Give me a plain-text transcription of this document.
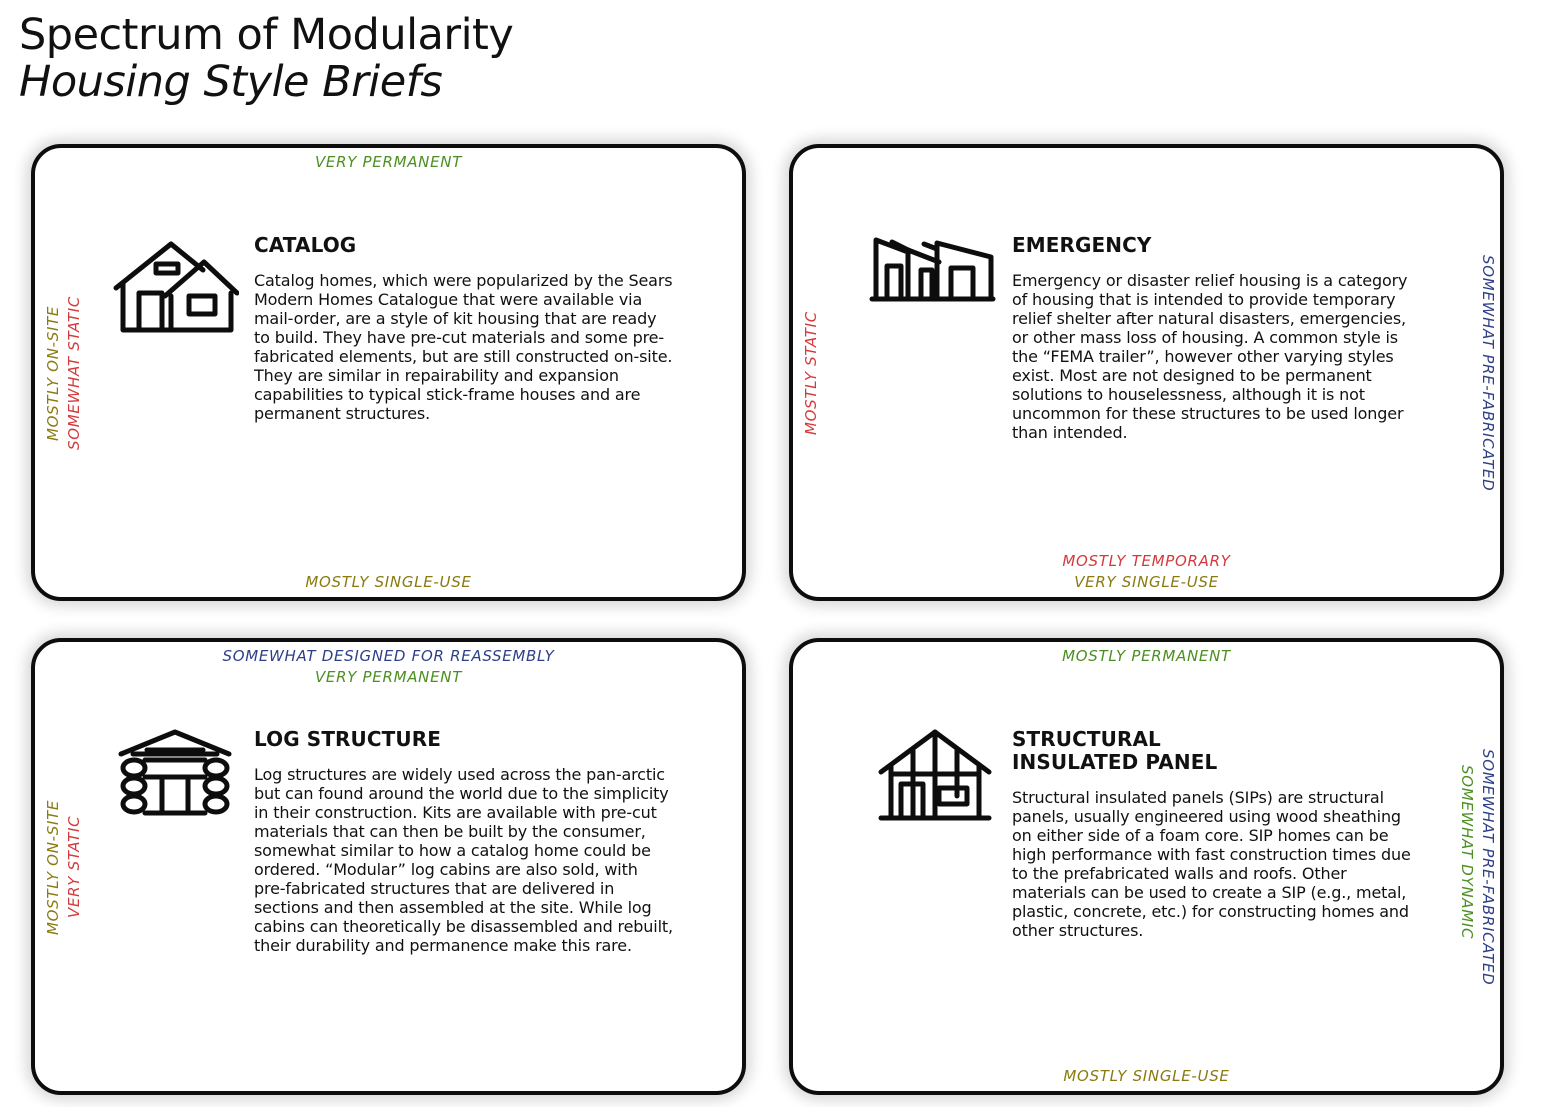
Spectrum of Modularity
Housing Style Briefs
VERY PERMANENT
MOSTLY SINGLE-USE
MOSTLY ON-SITE SOMEWHAT STATIC
CATALOG
Catalog homes, which were popularized by the Sears Modern Homes Catalogue that were available via mail-order, are a style of kit housing that are ready to build. They have pre-cut materials and some pre-fabricated elements, but are still constructed on-site. They are similar in repairability and expansion capabilities to typical stick-frame houses and are permanent structures.
MOSTLY TEMPORARY
VERY SINGLE-USE
MOSTLY STATIC	SOMEWHAT PRE-FABRICATED
EMERGENCY
Emergency or disaster relief housing is a category of housing that is intended to provide temporary relief shelter after natural disasters, emergencies, or other mass loss of housing. A common style is the “FEMA trailer”, however other varying styles exist. Most are not designed to be permanent solutions to houselessness, although it is not uncommon for these structures to be used longer than intended.
SOMEWHAT DESIGNED FOR REASSEMBLY
VERY PERMANENT
MOSTLY ON-SITE VERY STATIC
LOG STRUCTURE
Log structures are widely used across the pan-arctic but can found around the world due to the simplicity in their construction. Kits are available with pre-cut materials that can then be built by the consumer, somewhat similar to how a catalog home could be ordered. “Modular” log cabins are also sold, with pre-fabricated structures that are delivered in sections and then assembled at the site. While log cabins can theoretically be disassembled and rebuilt, their durability and permanence make this rare.
MOSTLY PERMANENT
MOSTLY SINGLE-USE
SOMEWHAT PRE-FABRICATED
SOMEWHAT DYNAMIC
STRUCTURAL
INSULATED PANEL
Structural insulated panels (SIPs) are structural panels, usually engineered using wood sheathing on either side of a foam core. SIP homes can be high performance with fast construction times due to the prefabricated walls and roofs. Other materials can be used to create a SIP (e.g., metal, plastic, concrete, etc.) for constructing homes and other structures.
